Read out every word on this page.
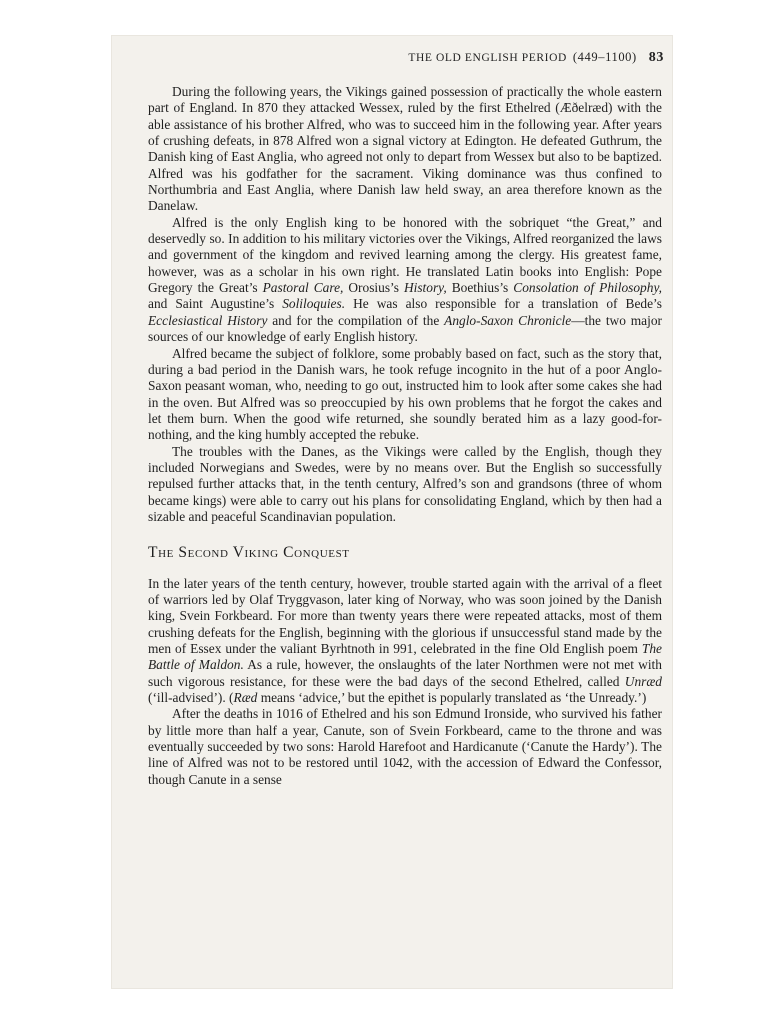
THE OLD ENGLISH PERIOD (449–1100) 83

During the following years, the Vikings gained possession of practically the whole eastern part of England. In 870 they attacked Wessex, ruled by the first Ethelred (Æðelræd) with the able assistance of his brother Alfred, who was to succeed him in the following year. After years of crushing defeats, in 878 Alfred won a signal victory at Edington. He defeated Guthrum, the Danish king of East Anglia, who agreed not only to depart from Wessex but also to be baptized. Alfred was his godfather for the sacrament. Viking dominance was thus confined to Northumbria and East Anglia, where Danish law held sway, an area therefore known as the Danelaw.

Alfred is the only English king to be honored with the sobriquet “the Great,” and deservedly so. In addition to his military victories over the Vikings, Alfred reorganized the laws and government of the kingdom and revived learning among the clergy. His greatest fame, however, was as a scholar in his own right. He translated Latin books into English: Pope Gregory the Great’s Pastoral Care, Orosius’s History, Boethius’s Consolation of Philosophy, and Saint Augustine’s Soliloquies. He was also responsible for a translation of Bede’s Ecclesiastical History and for the compilation of the Anglo-Saxon Chronicle—the two major sources of our knowledge of early English history.

Alfred became the subject of folklore, some probably based on fact, such as the story that, during a bad period in the Danish wars, he took refuge incognito in the hut of a poor Anglo-Saxon peasant woman, who, needing to go out, instructed him to look after some cakes she had in the oven. But Alfred was so preoccupied by his own problems that he forgot the cakes and let them burn. When the good wife returned, she soundly berated him as a lazy good-for-nothing, and the king humbly accepted the rebuke.

The troubles with the Danes, as the Vikings were called by the English, though they included Norwegians and Swedes, were by no means over. But the English so successfully repulsed further attacks that, in the tenth century, Alfred’s son and grandsons (three of whom became kings) were able to carry out his plans for consolidating England, which by then had a sizable and peaceful Scandinavian population.

The Second Viking Conquest

In the later years of the tenth century, however, trouble started again with the arrival of a fleet of warriors led by Olaf Tryggvason, later king of Norway, who was soon joined by the Danish king, Svein Forkbeard. For more than twenty years there were repeated attacks, most of them crushing defeats for the English, beginning with the glorious if unsuccessful stand made by the men of Essex under the valiant Byrhtnoth in 991, celebrated in the fine Old English poem The Battle of Maldon. As a rule, however, the onslaughts of the later Northmen were not met with such vigorous resistance, for these were the bad days of the second Ethelred, called Unræd (‘ill-advised’). (Ræd means ‘advice,’ but the epithet is popularly translated as ‘the Unready.’)

After the deaths in 1016 of Ethelred and his son Edmund Ironside, who survived his father by little more than half a year, Canute, son of Svein Forkbeard, came to the throne and was eventually succeeded by two sons: Harold Harefoot and Hardicanute (‘Canute the Hardy’). The line of Alfred was not to be restored until 1042, with the accession of Edward the Confessor, though Canute in a sense
